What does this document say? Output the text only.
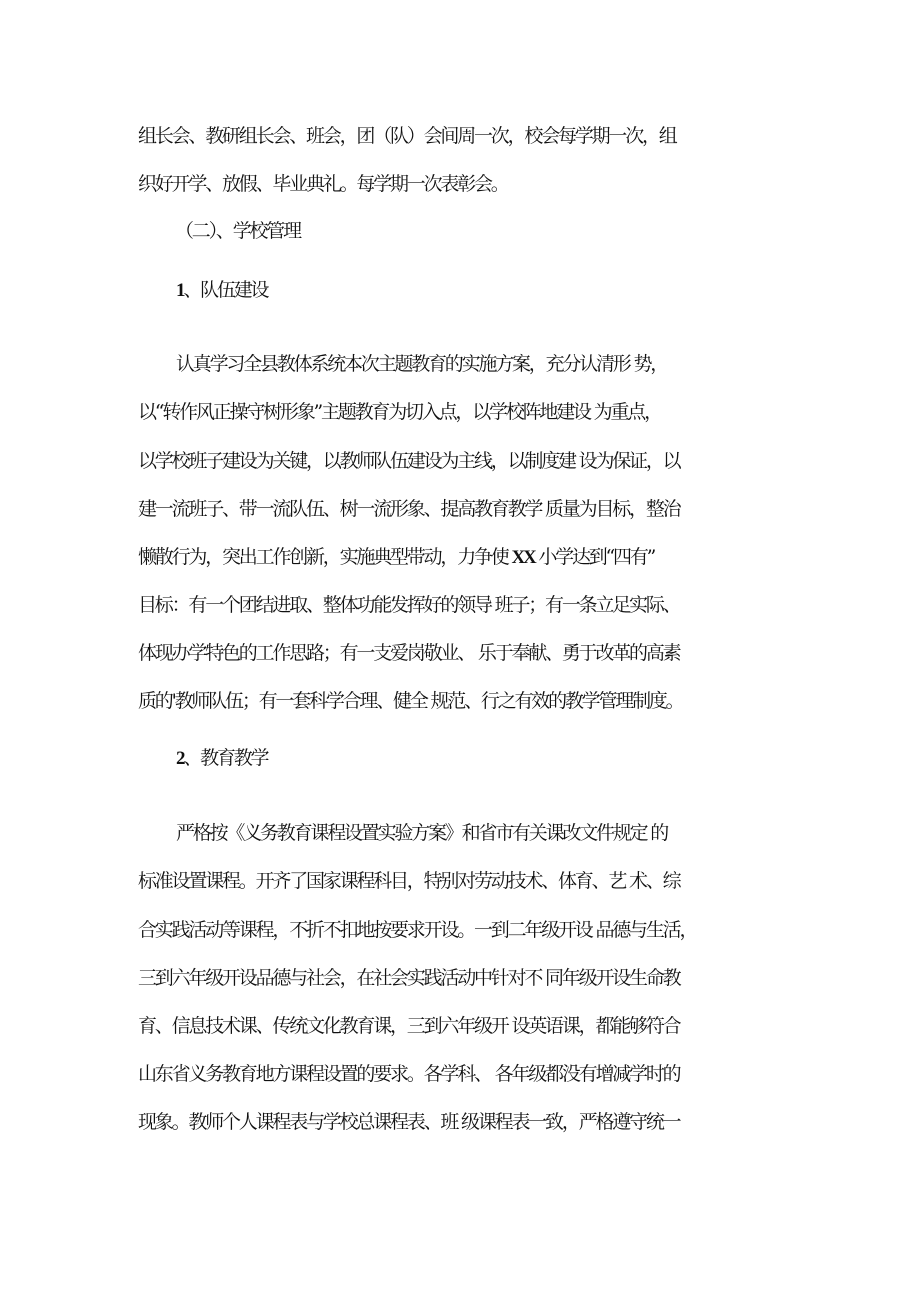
组长会、教研组长会、班会，团（队）会间周一次，校会每学期一次，组
织好开学、放假、毕业典礼。每学期一次表彰会。
（二）、学校管理
1、队伍建设
认真学习全县教体系统本次主题教育的实施方案，充分认清形 势，
以“转作风正操守树形象”主题教育为切入点，以学校阵地建设 为重点，
以学校班子建设为关键，以教师队伍建设为主线，以制度建 设为保证，以
建一流班子、带一流队伍、树一流形象、提高教育教学 质量为目标，整治
懒散行为，突出工作创新，实施典型带动，力争使 XX 小学达到“四有”
目标：有一个团结进取、整体功能发挥好的领导 班子；有一条立足实际、
体现办学特色的工作思路；有一支爱岗敬业、 乐于奉献、勇于改革的高素
质的'教师队伍；有一套科学合理、健全 规范、行之有效的教学管理制度。
2、教育教学
严格按《义务教育课程设置实验方案》和省市有关课改文件规定 的
标准设置课程。开齐了国家课程科目，特别对劳动技术、体育、艺 术、综
合实践活动等课程，不折不扣地按要求开设。一到二年级开设 品德与生活，
三到六年级开设品德与社会，在社会实践活动中针对不 同年级开设生命教
育、信息技术课、传统文化教育课，三到六年级开 设英语课，都能够符合
山东省义务教育地方课程设置的要求。各学科、 各年级都没有增减学时的
现象。教师个人课程表与学校总课程表、班 级课程表一致，严格遵守统一
